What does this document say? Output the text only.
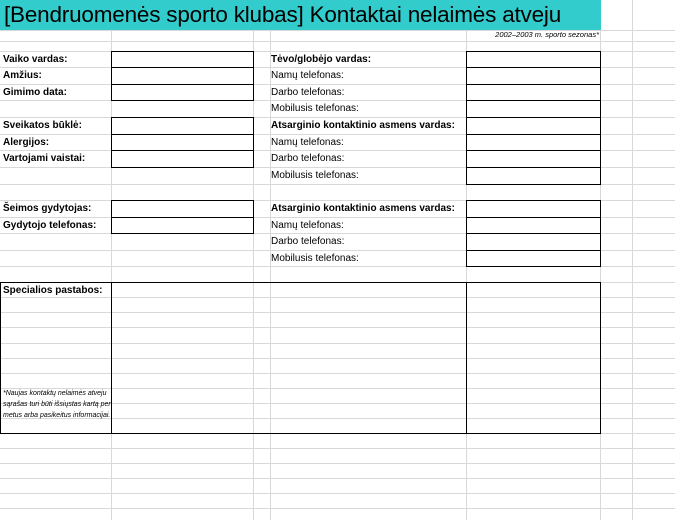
[Bendruomenės sporto klubas] Kontaktai nelaimės atveju
2002–2003 m. sporto sezonas*
Vaiko vardas:
Amžius:
Gimimo data:
Sveikatos būklė:
Alergijos:
Vartojami vaistai:
Šeimos gydytojas:
Gydytojo telefonas:
Tėvo/globėjo vardas:
Namų telefonas:
Darbo telefonas:
Mobilusis telefonas:
Atsarginio kontaktinio asmens vardas:
Namų telefonas:
Darbo telefonas:
Mobilusis telefonas:
Atsarginio kontaktinio asmens vardas:
Namų telefonas:
Darbo telefonas:
Mobilusis telefonas:
Specialios pastabos:
*Naujas kontaktų nelaimės atveju sąrašas turi būti išsiųstas kartą per metus arba pasikeitus informacijai.
